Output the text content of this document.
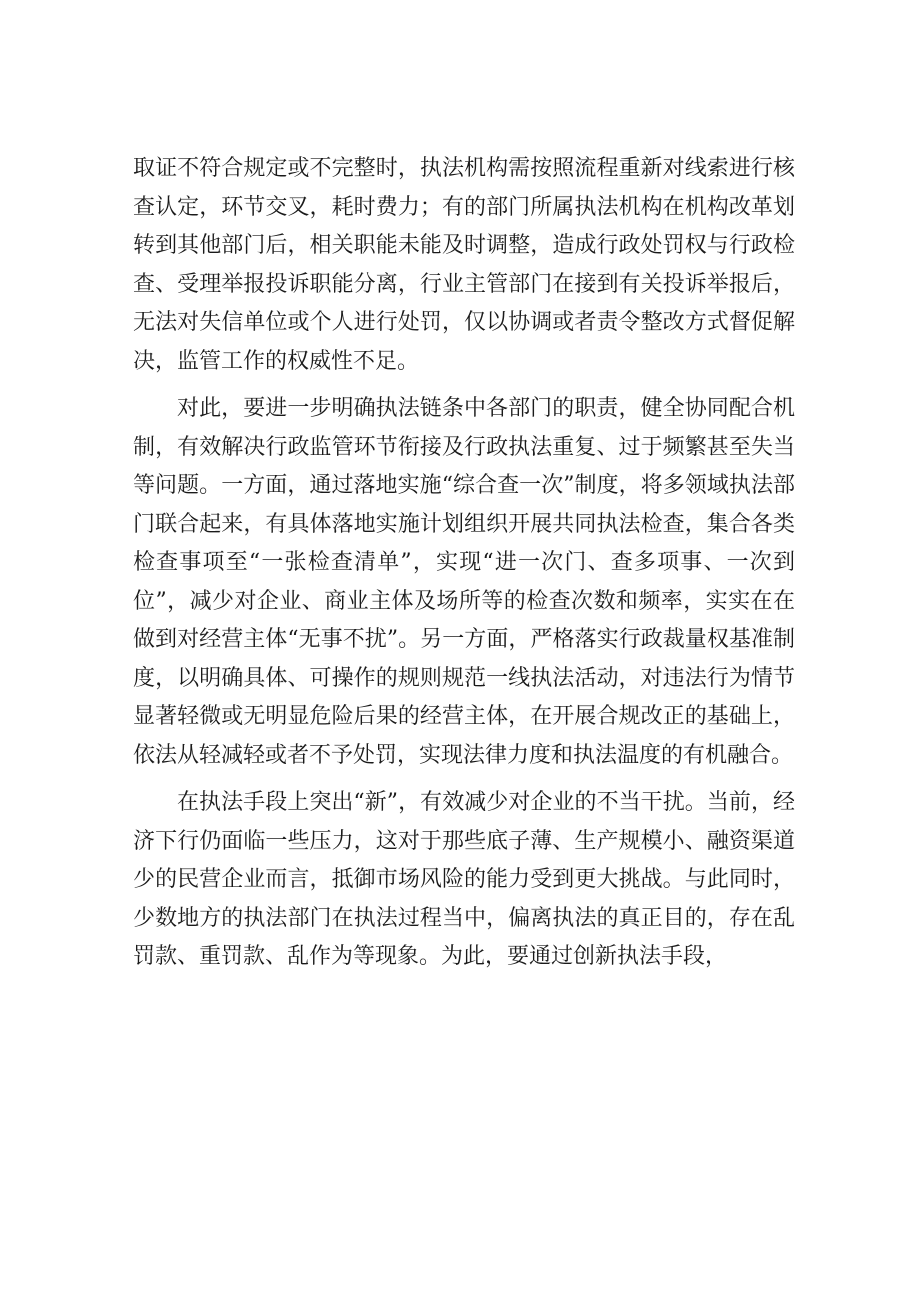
取证不符合规定或不完整时，执法机构需按照流程重新对线索进行核查认定，环节交叉，耗时费力；有的部门所属执法机构在机构改革划转到其他部门后，相关职能未能及时调整，造成行政处罚权与行政检查、受理举报投诉职能分离，行业主管部门在接到有关投诉举报后，无法对失信单位或个人进行处罚，仅以协调或者责令整改方式督促解决，监管工作的权威性不足。

对此，要进一步明确执法链条中各部门的职责，健全协同配合机制，有效解决行政监管环节衔接及行政执法重复、过于频繁甚至失当等问题。一方面，通过落地实施“综合查一次”制度，将多领域执法部门联合起来，有具体落地实施计划组织开展共同执法检查，集合各类检查事项至“一张检查清单”，实现“进一次门、查多项事、一次到位”，减少对企业、商业主体及场所等的检查次数和频率，实实在在做到对经营主体“无事不扰”。另一方面，严格落实行政裁量权基准制度，以明确具体、可操作的规则规范一线执法活动，对违法行为情节显著轻微或无明显危险后果的经营主体，在开展合规改正的基础上，依法从轻减轻或者不予处罚，实现法律力度和执法温度的有机融合。

在执法手段上突出“新”，有效减少对企业的不当干扰。当前，经济下行仍面临一些压力，这对于那些底子薄、生产规模小、融资渠道少的民营企业而言，抵御市场风险的能力受到更大挑战。与此同时，少数地方的执法部门在执法过程当中，偏离执法的真正目的，存在乱罚款、重罚款、乱作为等现象。为此，要通过创新执法手段，
